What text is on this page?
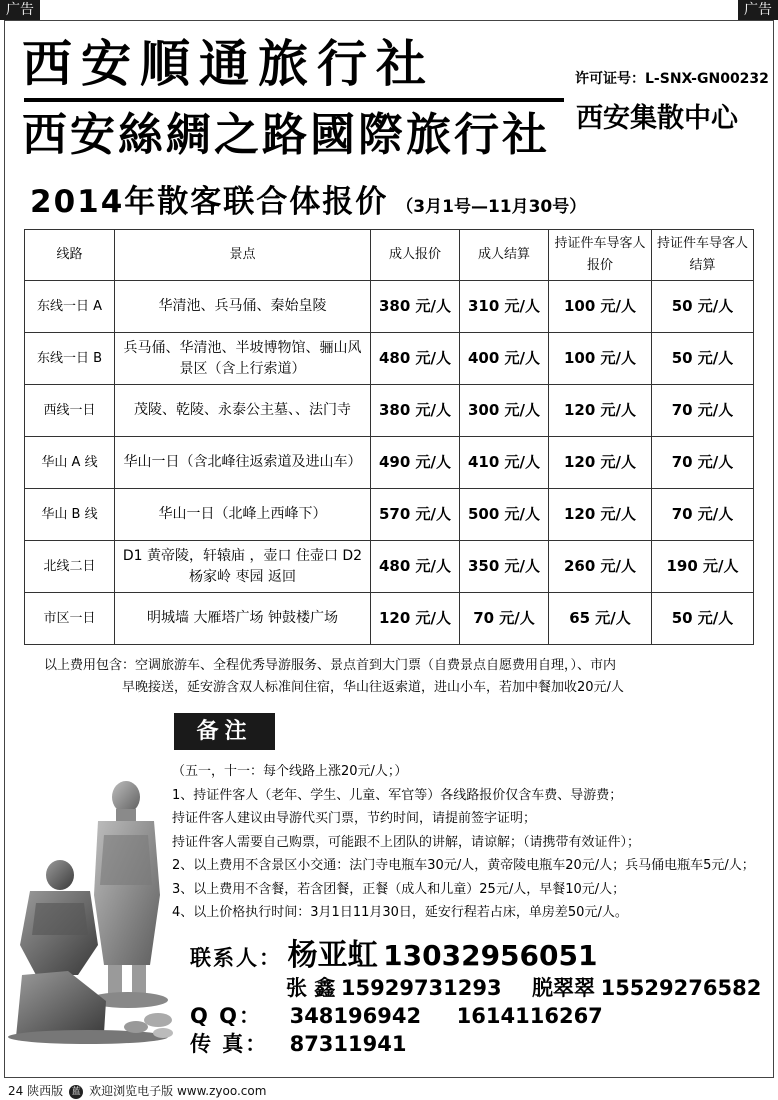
广告	广告
西安順通旅行社
西安絲綢之路國際旅行社
许可证号：L-SNX-GN00232
西安集散中心
2014年散客联合体报价 （3月1号—11月30号）
线路	景点	成人报价	成人结算	持证件车导客人报价	持证件车导客人结算
东线一日 A	华清池、兵马俑、秦始皇陵	380 元/人	310 元/人	100 元/人	50 元/人
东线一日 B	兵马俑、华清池、半坡博物馆、骊山风景区（含上行索道）	480 元/人	400 元/人	100 元/人	50 元/人
西线一日	茂陵、乾陵、永泰公主墓、、法门寺	380 元/人	300 元/人	120 元/人	70 元/人
华山 A 线	华山一日（含北峰往返索道及进山车）	490 元/人	410 元/人	120 元/人	70 元/人
华山 B 线	华山一日（北峰上西峰下）	570 元/人	500 元/人	120 元/人	70 元/人
北线二日	D1 黄帝陵，轩辕庙 ，壶口 住壶口 D2 杨家岭 枣园 返回	480 元/人	350 元/人	260 元/人	190 元/人
市区一日	明城墙 大雁塔广场 钟鼓楼广场	120 元/人	70 元/人	65 元/人	50 元/人
以上费用包含：空调旅游车、全程优秀导游服务、景点首到大门票（自费景点自愿费用自理，）、市内
早晚接送，延安游含双人标准间住宿，华山往返索道，进山小车，若加中餐加收20元/人
备注
（五一，十一：每个线路上涨20元/人；）
1、持证件客人（老年、学生、儿童、军官等）各线路报价仅含车费、导游费；
持证件客人建议由导游代买门票，节约时间，请提前签字证明；
持证件客人需要自己购票，可能跟不上团队的讲解，请谅解；（请携带有效证件）；
2、以上费用不含景区小交通：法门寺电瓶车30元/人，黄帝陵电瓶车20元/人；兵马俑电瓶车5元/人；
3、以上费用不含餐，若含团餐，正餐（成人和儿童）25元/人，早餐10元/人；
4、以上价格执行时间：3月1日11月30日，延安行程若占床，单房差50元/人。
联系人： 杨亚虹 13032956051
张 鑫 15929731293 脱翠翠 15529276582
Q Q： 348196942 1614116267
传 真： 87311941
24 陕西版 蓝 欢迎浏览电子版 www.zyoo.com
